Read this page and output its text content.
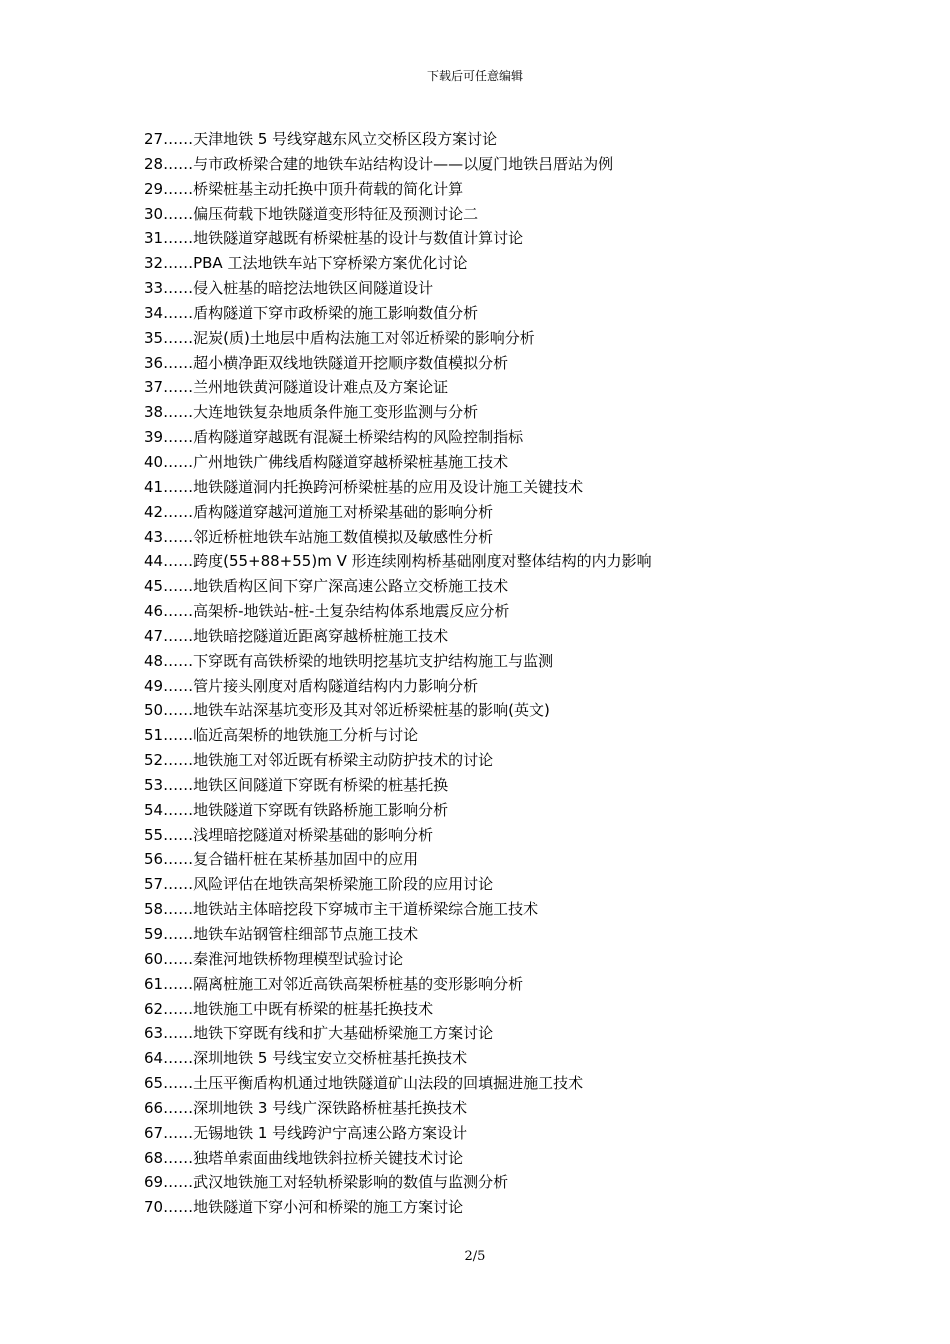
下载后可任意编辑
27……天津地铁 5 号线穿越东风立交桥区段方案讨论
28……与市政桥梁合建的地铁车站结构设计——以厦门地铁吕厝站为例
29……桥梁桩基主动托换中顶升荷载的简化计算
30……偏压荷载下地铁隧道变形特征及预测讨论二
31……地铁隧道穿越既有桥梁桩基的设计与数值计算讨论
32……PBA 工法地铁车站下穿桥梁方案优化讨论
33……侵入桩基的暗挖法地铁区间隧道设计
34……盾构隧道下穿市政桥梁的施工影响数值分析
35……泥炭(质)土地层中盾构法施工对邻近桥梁的影响分析
36……超小横净距双线地铁隧道开挖顺序数值模拟分析
37……兰州地铁黄河隧道设计难点及方案论证
38……大连地铁复杂地质条件施工变形监测与分析
39……盾构隧道穿越既有混凝土桥梁结构的风险控制指标
40……广州地铁广佛线盾构隧道穿越桥梁桩基施工技术
41……地铁隧道洞内托换跨河桥梁桩基的应用及设计施工关键技术
42……盾构隧道穿越河道施工对桥梁基础的影响分析
43……邻近桥桩地铁车站施工数值模拟及敏感性分析
44……跨度(55+88+55)m V 形连续刚构桥基础刚度对整体结构的内力影响
45……地铁盾构区间下穿广深高速公路立交桥施工技术
46……高架桥-地铁站-桩-土复杂结构体系地震反应分析
47……地铁暗挖隧道近距离穿越桥桩施工技术
48……下穿既有高铁桥梁的地铁明挖基坑支护结构施工与监测
49……管片接头刚度对盾构隧道结构内力影响分析
50……地铁车站深基坑变形及其对邻近桥梁桩基的影响(英文)
51……临近高架桥的地铁施工分析与讨论
52……地铁施工对邻近既有桥梁主动防护技术的讨论
53……地铁区间隧道下穿既有桥梁的桩基托换
54……地铁隧道下穿既有铁路桥施工影响分析
55……浅埋暗挖隧道对桥梁基础的影响分析
56……复合锚杆桩在某桥基加固中的应用
57……风险评估在地铁高架桥梁施工阶段的应用讨论
58……地铁站主体暗挖段下穿城市主干道桥梁综合施工技术
59……地铁车站钢管柱细部节点施工技术
60……秦淮河地铁桥物理模型试验讨论
61……隔离桩施工对邻近高铁高架桥桩基的变形影响分析
62……地铁施工中既有桥梁的桩基托换技术
63……地铁下穿既有线和扩大基础桥梁施工方案讨论
64……深圳地铁 5 号线宝安立交桥桩基托换技术
65……土压平衡盾构机通过地铁隧道矿山法段的回填掘进施工技术
66……深圳地铁 3 号线广深铁路桥桩基托换技术
67……无锡地铁 1 号线跨沪宁高速公路方案设计
68……独塔单索面曲线地铁斜拉桥关键技术讨论
69……武汉地铁施工对轻轨桥梁影响的数值与监测分析
70……地铁隧道下穿小河和桥梁的施工方案讨论
2/5
